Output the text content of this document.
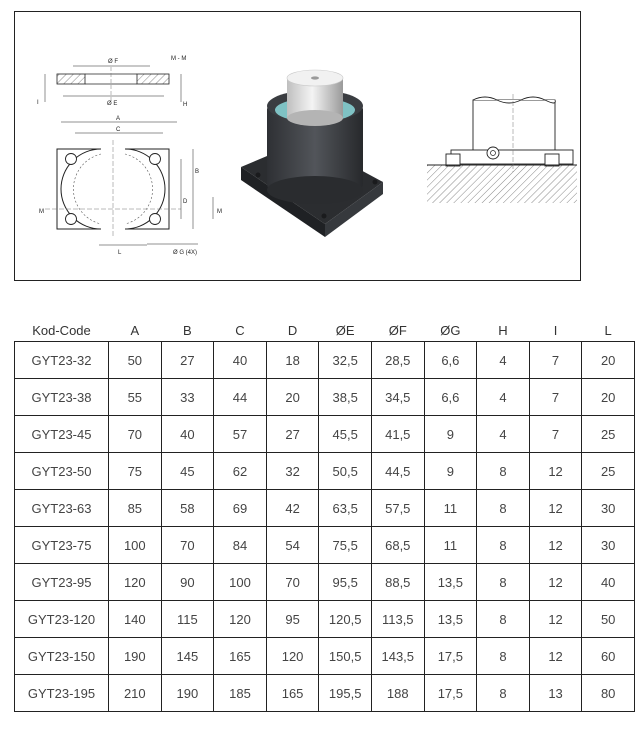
Ø F
Ø E
M - M
H
I
A
C
B
D
M	M
L	Ø G (4X)
Kod-Code	A	B	C	D	ØE	ØF	ØG	H	I	L
GYT23-32	50	27	40	18	32,5	28,5	6,6	4	7	20
GYT23-38	55	33	44	20	38,5	34,5	6,6	4	7	20
GYT23-45	70	40	57	27	45,5	41,5	9	4	7	25
GYT23-50	75	45	62	32	50,5	44,5	9	8	12	25
GYT23-63	85	58	69	42	63,5	57,5	11	8	12	30
GYT23-75	100	70	84	54	75,5	68,5	11	8	12	30
GYT23-95	120	90	100	70	95,5	88,5	13,5	8	12	40
GYT23-120	140	115	120	95	120,5	113,5	13,5	8	12	50
GYT23-150	190	145	165	120	150,5	143,5	17,5	8	12	60
GYT23-195	210	190	185	165	195,5	188	17,5	8	13	80
